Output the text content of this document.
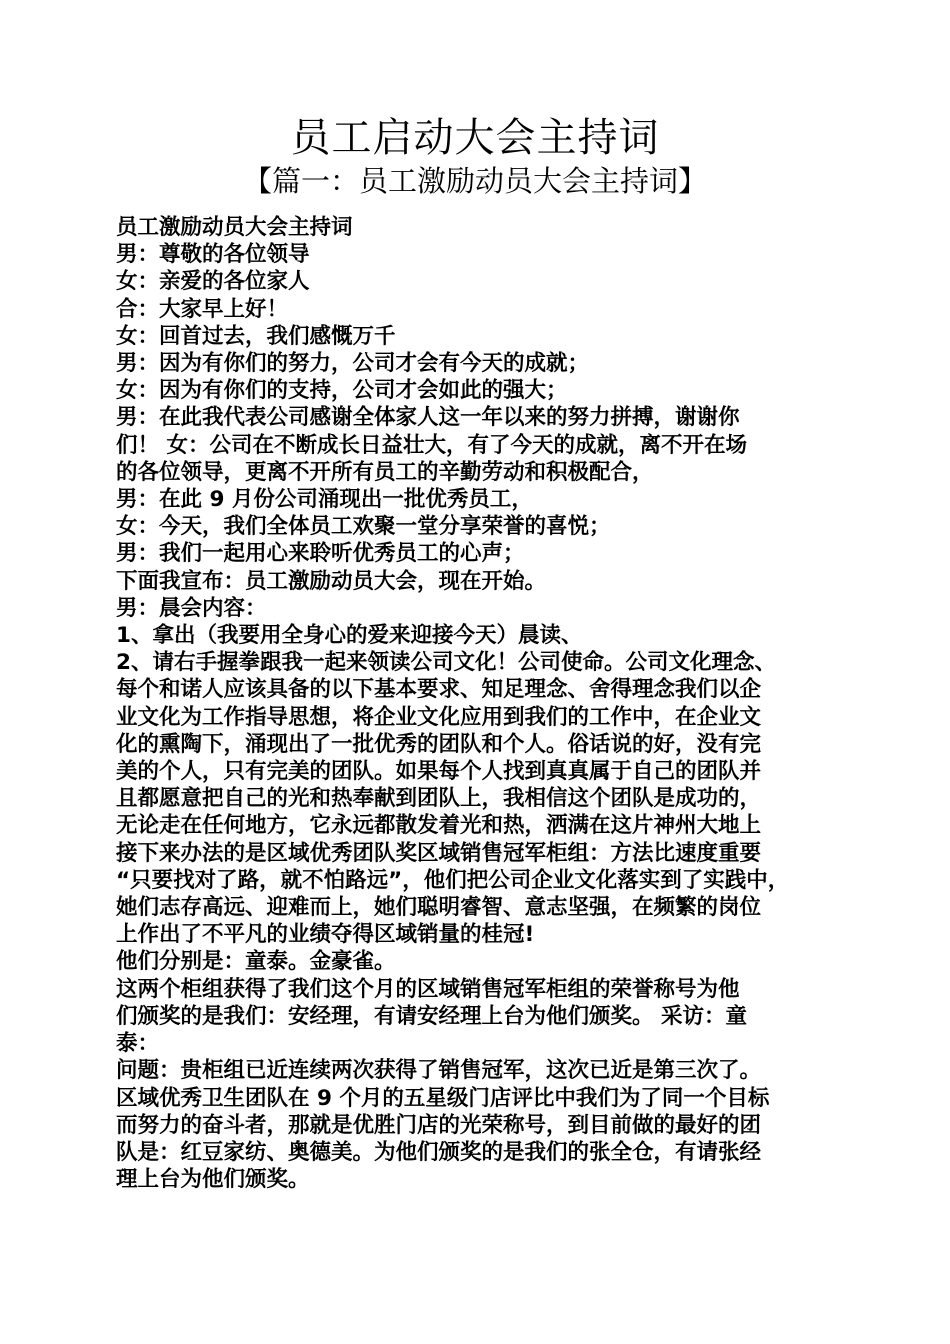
员工启动大会主持词
【篇一：员工激励动员大会主持词】
员工激励动员大会主持词
男：尊敬的各位领导
女：亲爱的各位家人
合：大家早上好！
女：回首过去，我们感慨万千
男：因为有你们的努力，公司才会有今天的成就；
女：因为有你们的支持，公司才会如此的强大；
男：在此我代表公司感谢全体家人这一年以来的努力拼搏，谢谢你
们！ 女：公司在不断成长日益壮大，有了今天的成就，离不开在场
的各位领导，更离不开所有员工的辛勤劳动和积极配合，
男：在此 9 月份公司涌现出一批优秀员工，
女：今天，我们全体员工欢聚一堂分享荣誉的喜悦；
男：我们一起用心来聆听优秀员工的心声；
下面我宣布：员工激励动员大会，现在开始。
男：晨会内容：
1、拿出（我要用全身心的爱来迎接今天）晨读、
2、请右手握拳跟我一起来领读公司文化！公司使命。公司文化理念、
每个和诺人应该具备的以下基本要求、知足理念、舍得理念我们以企
业文化为工作指导思想，将企业文化应用到我们的工作中，在企业文
化的熏陶下，涌现出了一批优秀的团队和个人。俗话说的好，没有完
美的个人，只有完美的团队。如果每个人找到真真属于自己的团队并
且都愿意把自己的光和热奉献到团队上，我相信这个团队是成功的，
无论走在任何地方，它永远都散发着光和热，洒满在这片神州大地上
接下来办法的是区域优秀团队奖区域销售冠军柜组：方法比速度重要
“只要找对了路，就不怕路远”，他们把公司企业文化落实到了实践中，
她们志存高远、迎难而上，她们聪明睿智、意志坚强，在频繁的岗位
上作出了不平凡的业绩夺得区域销量的桂冠!
他们分别是：童泰。金豪雀。
这两个柜组获得了我们这个月的区域销售冠军柜组的荣誉称号为他
们颁奖的是我们：安经理，有请安经理上台为他们颁奖。 采访：童
泰：
问题：贵柜组已近连续两次获得了销售冠军，这次已近是第三次了。
区域优秀卫生团队在 9 个月的五星级门店评比中我们为了同一个目标
而努力的奋斗者，那就是优胜门店的光荣称号，到目前做的最好的团
队是：红豆家纺、奥德美。为他们颁奖的是我们的张全仓，有请张经
理上台为他们颁奖。
